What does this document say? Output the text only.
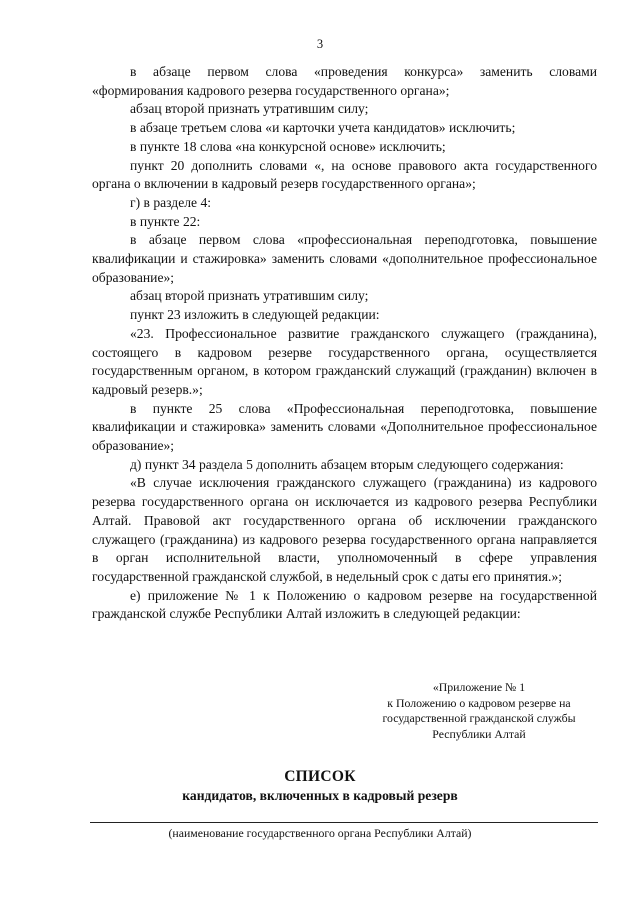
3

в абзаце первом слова «проведения конкурса» заменить словами «формирования кадрового резерва государственного органа»;

абзац второй признать утратившим силу;

в абзаце третьем слова «и карточки учета кандидатов» исключить;

в пункте 18 слова «на конкурсной основе» исключить;

пункт 20 дополнить словами «, на основе правового акта государственного органа о включении в кадровый резерв государственного органа»;

г) в разделе 4:

в пункте 22:

в абзаце первом слова «профессиональная переподготовка, повышение квалификации и стажировка» заменить словами «дополнительное профессиональное образование»;

абзац второй признать утратившим силу;

пункт 23 изложить в следующей редакции:

«23. Профессиональное развитие гражданского служащего (гражданина), состоящего в кадровом резерве государственного органа, осуществляется государственным органом, в котором гражданский служащий (гражданин) включен в кадровый резерв.»;

в пункте 25 слова «Профессиональная переподготовка, повышение квалификации и стажировка» заменить словами «Дополнительное профессиональное образование»;

д) пункт 34 раздела 5 дополнить абзацем вторым следующего содержания:

«В случае исключения гражданского служащего (гражданина) из кадрового резерва государственного органа он исключается из кадрового резерва Республики Алтай. Правовой акт государственного органа об исключении гражданского служащего (гражданина) из кадрового резерва государственного органа направляется в орган исполнительной власти, уполномоченный в сфере управления государственной гражданской службой, в недельный срок с даты его принятия.»;

е) приложение № 1 к Положению о кадровом резерве на государственной гражданской службе Республики Алтай изложить в следующей редакции:

«Приложение № 1
к Положению о кадровом резерве на
государственной гражданской службы
Республики Алтай
СПИСОК
кандидатов, включенных в кадровый резерв
(наименование государственного органа Республики Алтай)
